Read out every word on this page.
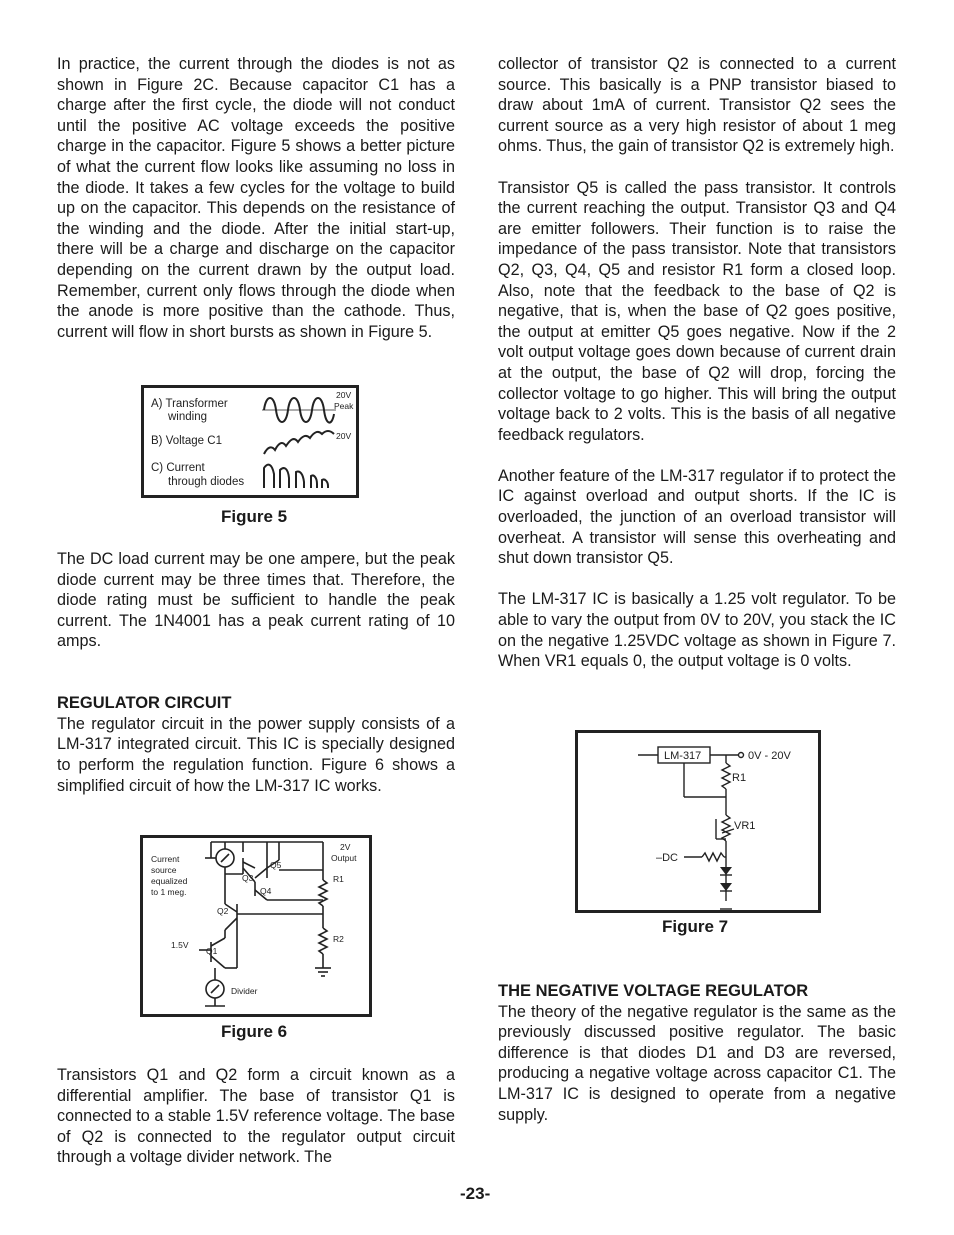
In practice, the current through the diodes is not as shown in Figure 2C. Because capacitor C1 has a charge after the first cycle, the diode will not conduct until the positive AC voltage exceeds the positive charge in the capacitor. Figure 5 shows a better picture of what the current flow looks like assuming no loss in the diode. It takes a few cycles for the voltage to build up on the capacitor. This depends on the resistance of the winding and the diode. After the initial start-up, there will be a charge and discharge on the capacitor depending on the current drawn by the output load. Remember, current only flows through the diode when the anode is more positive than the cathode. Thus, current will flow in short bursts as shown in Figure 5.

A) Transformer
winding
B) Voltage C1
C) Current
through diodes
20V
Peak
20V
Figure 5

The DC load current may be one ampere, but the peak diode current may be three times that. Therefore, the diode rating must be sufficient to handle the peak current. The 1N4001 has a peak current rating of 10 amps.

REGULATOR CIRCUIT

The regulator circuit in the power supply consists of a LM-317 integrated circuit. This IC is specially designed to perform the regulation function. Figure 6 shows a simplified circuit of how the LM-317 IC works.

Current
source
equalized
to 1 meg.
2V
Output
Q5
Q3
Q4
R1
Q2
R2
1.5V
Q1
Divider
Figure 6

Transistors Q1 and Q2 form a circuit known as a differential amplifier. The base of transistor Q1 is connected to a stable 1.5V reference voltage. The base of Q2 is connected to the regulator output circuit through a voltage divider network. The

collector of transistor Q2 is connected to a current source. This basically is a PNP transistor biased to draw about 1mA of current. Transistor Q2 sees the current source as a very high resistor of about 1 meg ohms. Thus, the gain of transistor Q2 is extremely high.

Transistor Q5 is called the pass transistor. It controls the current reaching the output. Transistor Q3 and Q4 are emitter followers. Their function is to raise the impedance of the pass transistor. Note that transistors Q2, Q3, Q4, Q5 and resistor R1 form a closed loop. Also, note that the feedback to the base of Q2 is negative, that is, when the base of Q2 goes positive, the output at emitter Q5 goes negative. Now if the 2 volt output voltage goes down because of current drain at the output, the base of Q2 will drop, forcing the collector voltage to go higher. This will bring the output voltage back to 2 volts. This is the basis of all negative feedback regulators.

Another feature of the LM-317 regulator if to protect the IC against overload and output shorts. If the IC is overloaded, the junction of an overload transistor will overheat. A transistor will sense this overheating and shut down transistor Q5.

The LM-317 IC is basically a 1.25 volt regulator. To be able to vary the output from 0V to 20V, you stack the IC on the negative 1.25VDC voltage as shown in Figure 7. When VR1 equals 0, the output voltage is 0 volts.

LM-317	0V - 20V
R1
VR1
–DC
Figure 7

THE NEGATIVE VOLTAGE REGULATOR

The theory of the negative regulator is the same as the previously discussed positive regulator. The basic difference is that diodes D1 and D3 are reversed, producing a negative voltage across capacitor C1. The LM-317 IC is designed to operate from a negative supply.

-23-
